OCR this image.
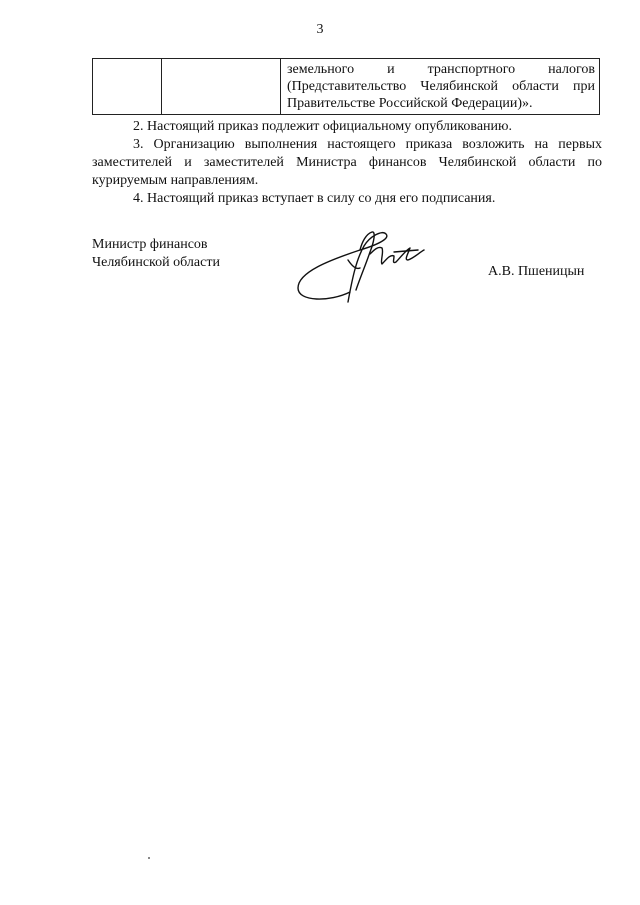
3

земельного и транспортного налогов
(Представительство Челябинской области при
Правительстве Российской Федерации)».

2. Настоящий приказ подлежит официальному опубликованию.

3. Организацию выполнения настоящего приказа возложить на первых заместителей и заместителей Министра финансов Челябинской области по курируемым направлениям.

4. Настоящий приказ вступает в силу со дня его подписания.

Министр финансов
Челябинской области
А.В. Пшеницын
